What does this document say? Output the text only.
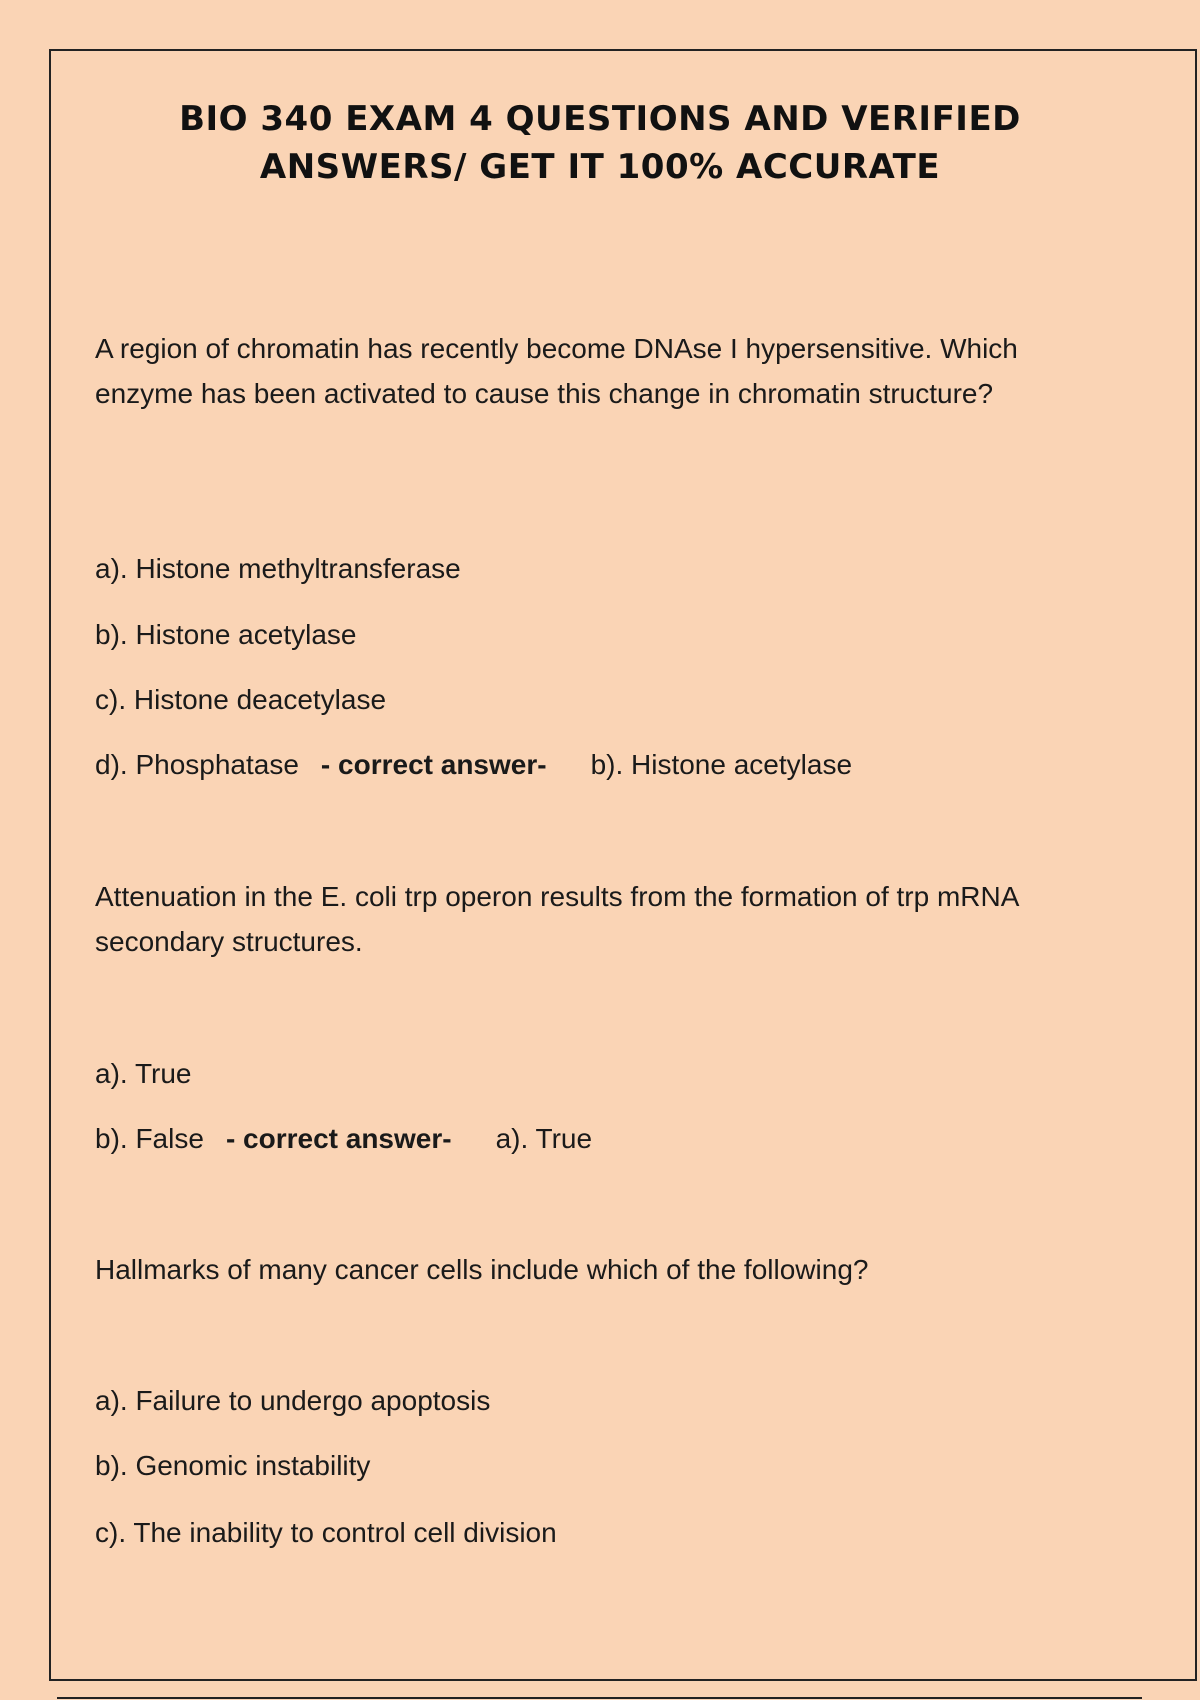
BIO 340 EXAM 4 QUESTIONS AND VERIFIED
ANSWERS/ GET IT 100% ACCURATE
A region of chromatin has recently become DNAse I hypersensitive. Which enzyme has been activated to cause this change in chromatin structure?
a). Histone methyltransferase
b). Histone acetylase
c). Histone deacetylase
d). Phosphatase - correct answer- b). Histone acetylase
Attenuation in the E. coli trp operon results from the formation of trp mRNA secondary structures.
a). True
b). False - correct answer- a). True
Hallmarks of many cancer cells include which of the following?
a). Failure to undergo apoptosis
b). Genomic instability
c). The inability to control cell division
